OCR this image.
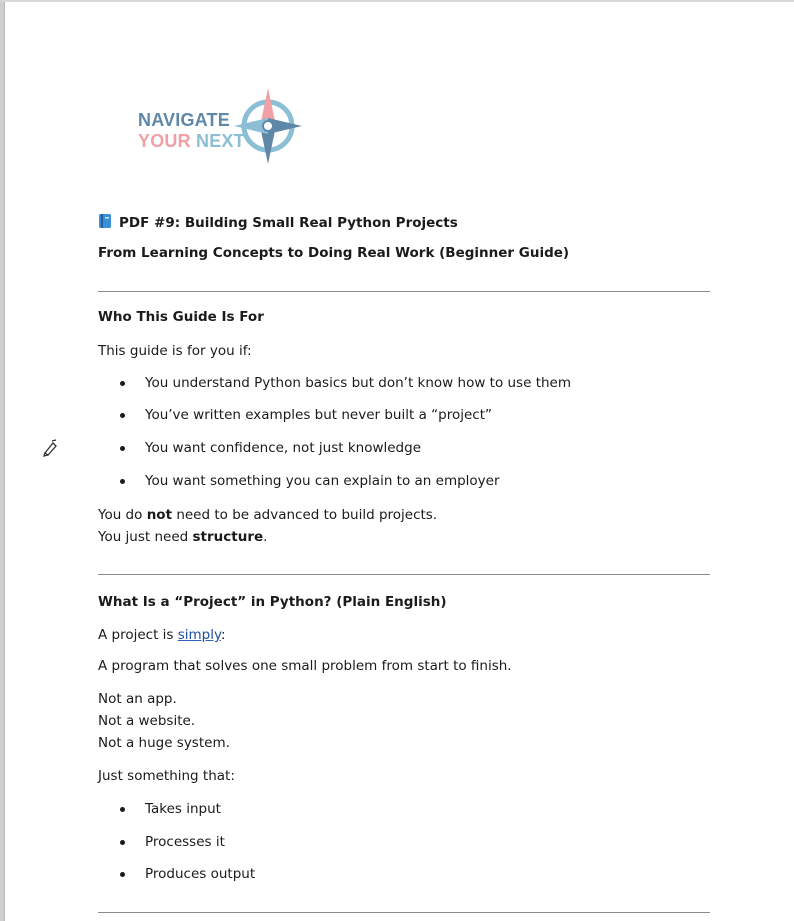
NAVIGATE
YOUR NEXT
PDF #9: Building Small Real Python Projects
From Learning Concepts to Doing Real Work (Beginner Guide)
Who This Guide Is For
This guide is for you if:
You understand Python basics but don’t know how to use them
You’ve written examples but never built a “project”
You want confidence, not just knowledge
You want something you can explain to an employer
You do not need to be advanced to build projects.
You just need structure.
What Is a “Project” in Python? (Plain English)
A project is simply:
A program that solves one small problem from start to finish.
Not an app.
Not a website.
Not a huge system.
Just something that:
Takes input
Processes it
Produces output
